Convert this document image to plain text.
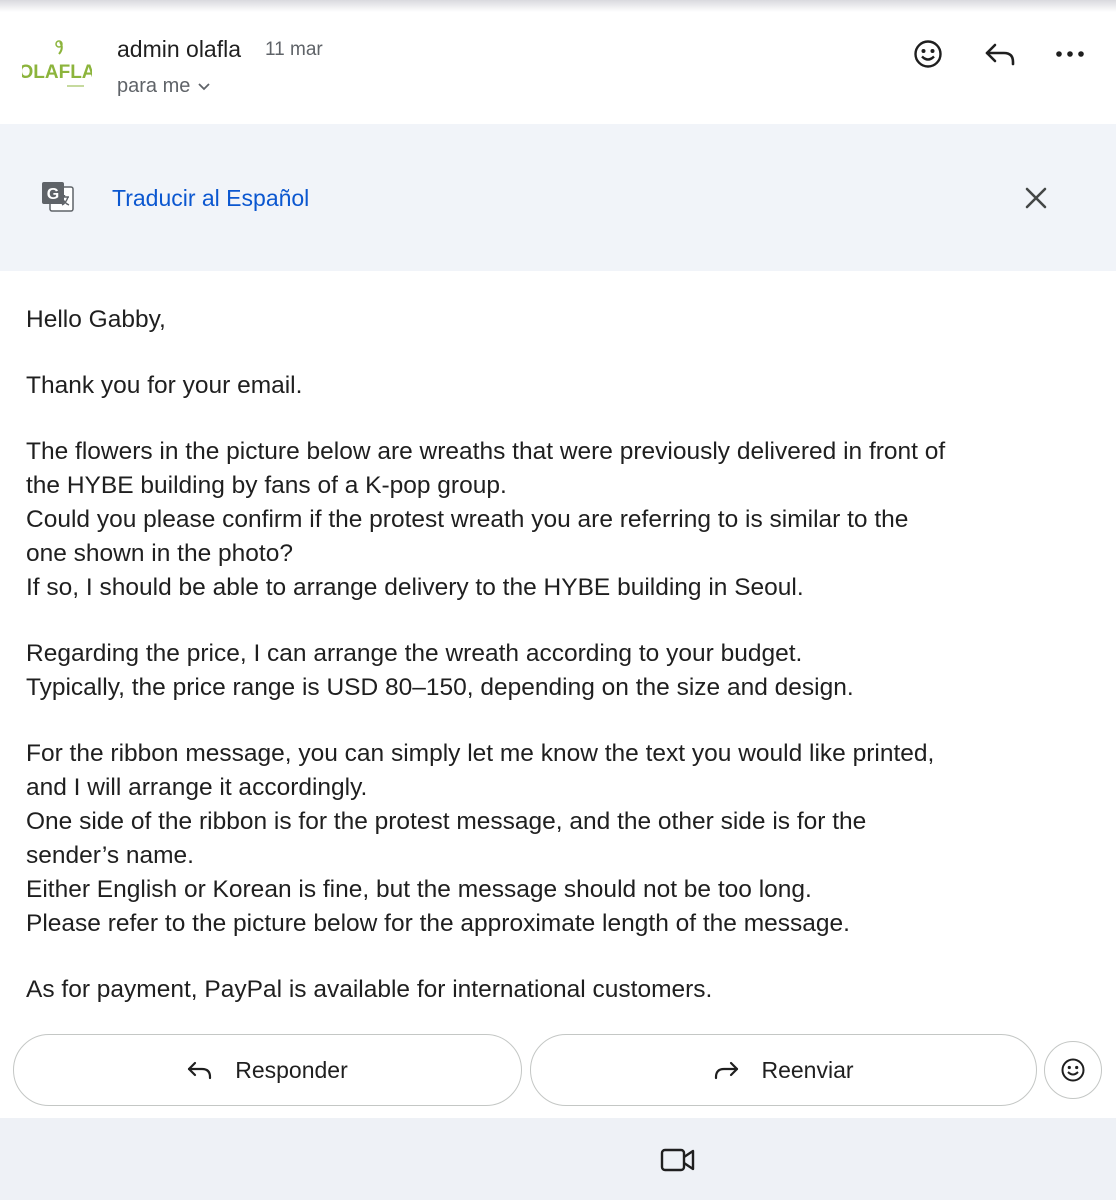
OLAFLA
admin olafla 11 mar
para me
G Traducir al Español

Hello Gabby,

Thank you for your email.

The flowers in the picture below are wreaths that were previously delivered in front of
the HYBE building by fans of a K-pop group.
Could you please confirm if the protest wreath you are referring to is similar to the
one shown in the photo?
If so, I should be able to arrange delivery to the HYBE building in Seoul.

Regarding the price, I can arrange the wreath according to your budget.
Typically, the price range is USD 80–150, depending on the size and design.

For the ribbon message, you can simply let me know the text you would like printed,
and I will arrange it accordingly.
One side of the ribbon is for the protest message, and the other side is for the
sender’s name.
Either English or Korean is fine, but the message should not be too long.
Please refer to the picture below for the approximate length of the message.

As for payment, PayPal is available for international customers.

Responder	Reenviar
